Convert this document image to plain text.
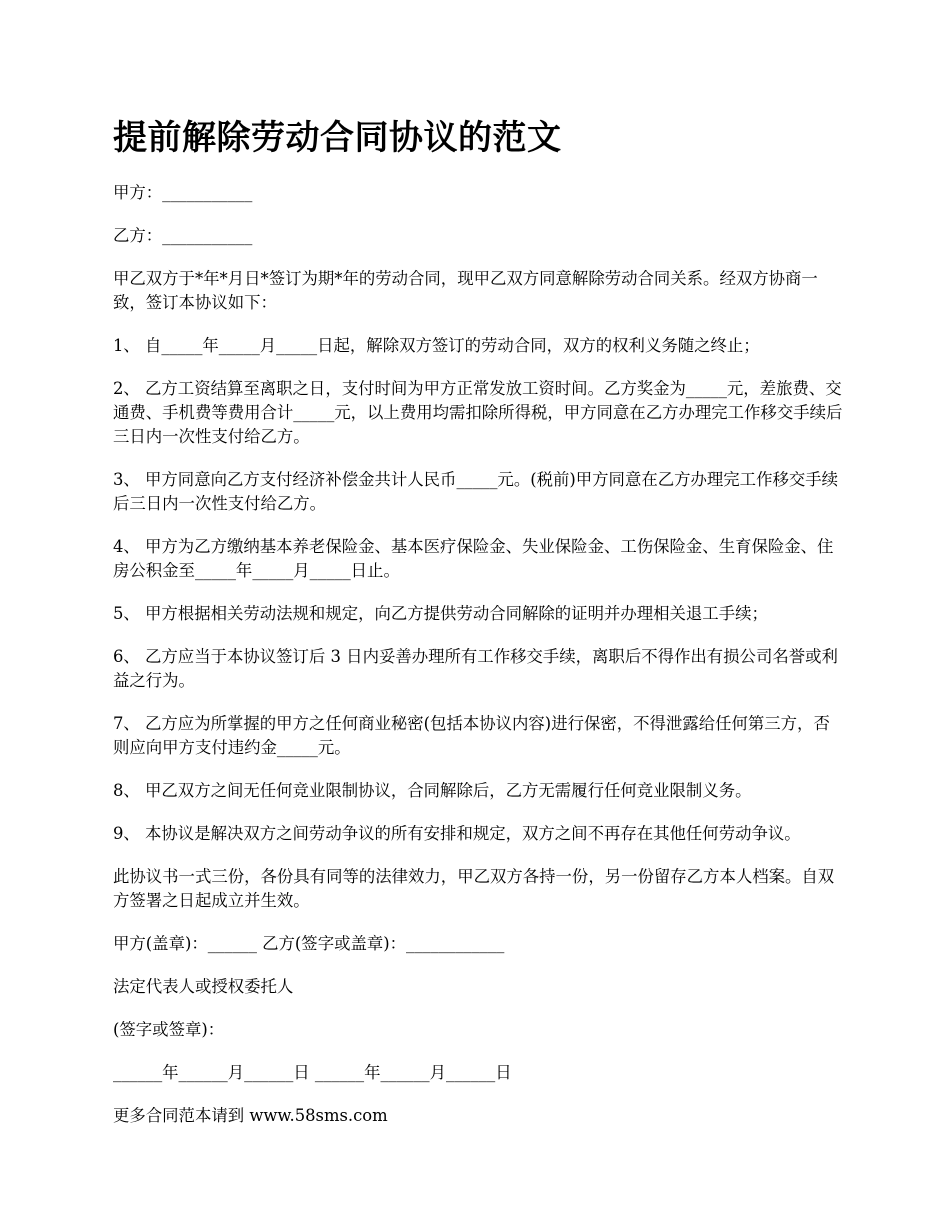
提前解除劳动合同协议的范文

甲方：___________

乙方：___________

甲乙双方于*年*月日*签订为期*年的劳动合同，现甲乙双方同意解除劳动合同关系。经双方协商一致，签订本协议如下：

1、 自_____年_____月_____日起，解除双方签订的劳动合同，双方的权利义务随之终止；

2、 乙方工资结算至离职之日，支付时间为甲方正常发放工资时间。乙方奖金为_____元，差旅费、交通费、手机费等费用合计_____元，以上费用均需扣除所得税，甲方同意在乙方办理完工作移交手续后三日内一次性支付给乙方。

3、 甲方同意向乙方支付经济补偿金共计人民币_____元。(税前)甲方同意在乙方办理完工作移交手续后三日内一次性支付给乙方。

4、 甲方为乙方缴纳基本养老保险金、基本医疗保险金、失业保险金、工伤保险金、生育保险金、住房公积金至_____年_____月_____日止。

5、 甲方根据相关劳动法规和规定，向乙方提供劳动合同解除的证明并办理相关退工手续；

6、 乙方应当于本协议签订后 3 日内妥善办理所有工作移交手续，离职后不得作出有损公司名誉或利益之行为。

7、 乙方应为所掌握的甲方之任何商业秘密(包括本协议内容)进行保密，不得泄露给任何第三方，否则应向甲方支付违约金_____元。

8、 甲乙双方之间无任何竞业限制协议，合同解除后，乙方无需履行任何竞业限制义务。

9、 本协议是解决双方之间劳动争议的所有安排和规定，双方之间不再存在其他任何劳动争议。

此协议书一式三份，各份具有同等的法律效力，甲乙双方各持一份，另一份留存乙方本人档案。自双方签署之日起成立并生效。

甲方(盖章)：______ 乙方(签字或盖章)：____________

法定代表人或授权委托人

(签字或签章)：

______年______月______日 ______年______月______日

更多合同范本请到 www.58sms.com
